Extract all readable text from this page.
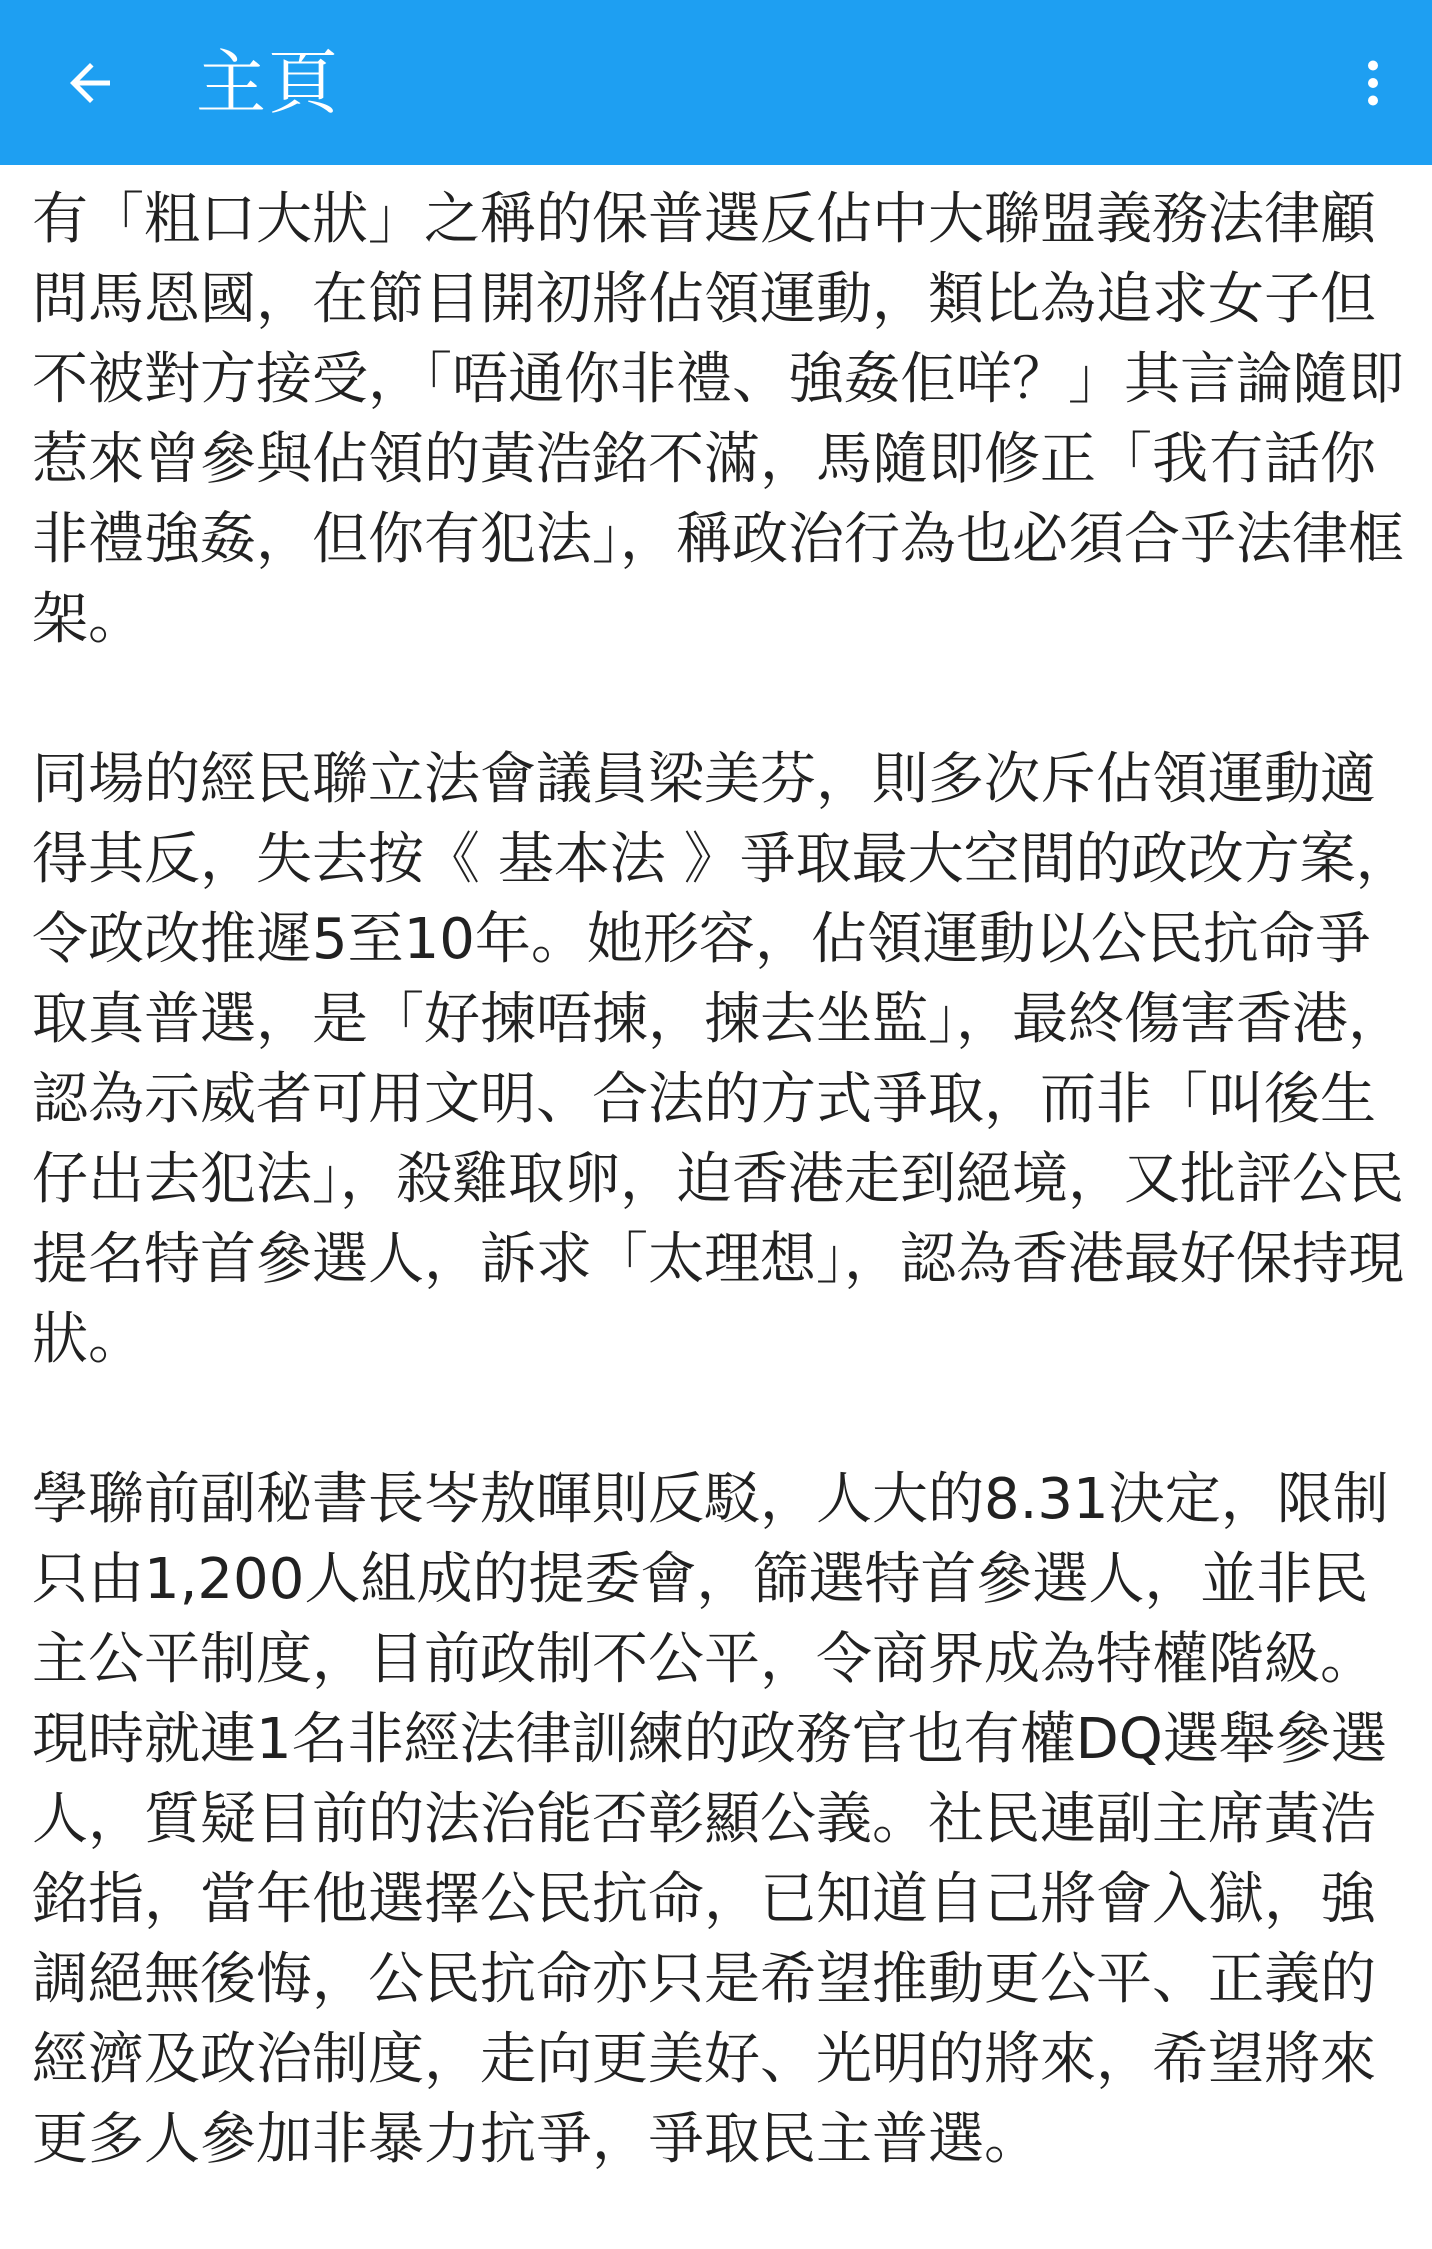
主頁

有「粗口大狀」之稱的保普選反佔中大聯盟義務法律顧問馬恩國，在節目開初將佔領運動，類比為追求女子但不被對方接受，「唔通你非禮、強姦佢咩？」其言論隨即惹來曾參與佔領的黃浩銘不滿，馬隨即修正「我冇話你非禮強姦，但你有犯法」，稱政治行為也必須合乎法律框架。

同場的經民聯立法會議員梁美芬，則多次斥佔領運動適得其反，失去按《 基本法 》爭取最大空間的政改方案，令政改推遲5至10年。她形容，佔領運動以公民抗命爭取真普選，是「好揀唔揀，揀去坐監」，最終傷害香港，認為示威者可用文明、合法的方式爭取，而非「叫後生仔出去犯法」，殺雞取卵，迫香港走到絕境，又批評公民提名特首參選人，訴求「太理想」，認為香港最好保持現狀。

學聯前副秘書長岑敖暉則反駁，人大的8.31決定，限制只由1,200人組成的提委會，篩選特首參選人，並非民主公平制度，目前政制不公平，令商界成為特權階級。現時就連1名非經法律訓練的政務官也有權DQ選舉參選人，質疑目前的法治能否彰顯公義。社民連副主席黃浩銘指，當年他選擇公民抗命，已知道自己將會入獄，強調絕無後悔，公民抗命亦只是希望推動更公平、正義的經濟及政治制度，走向更美好、光明的將來，希望將來更多人參加非暴力抗爭，爭取民主普選。
